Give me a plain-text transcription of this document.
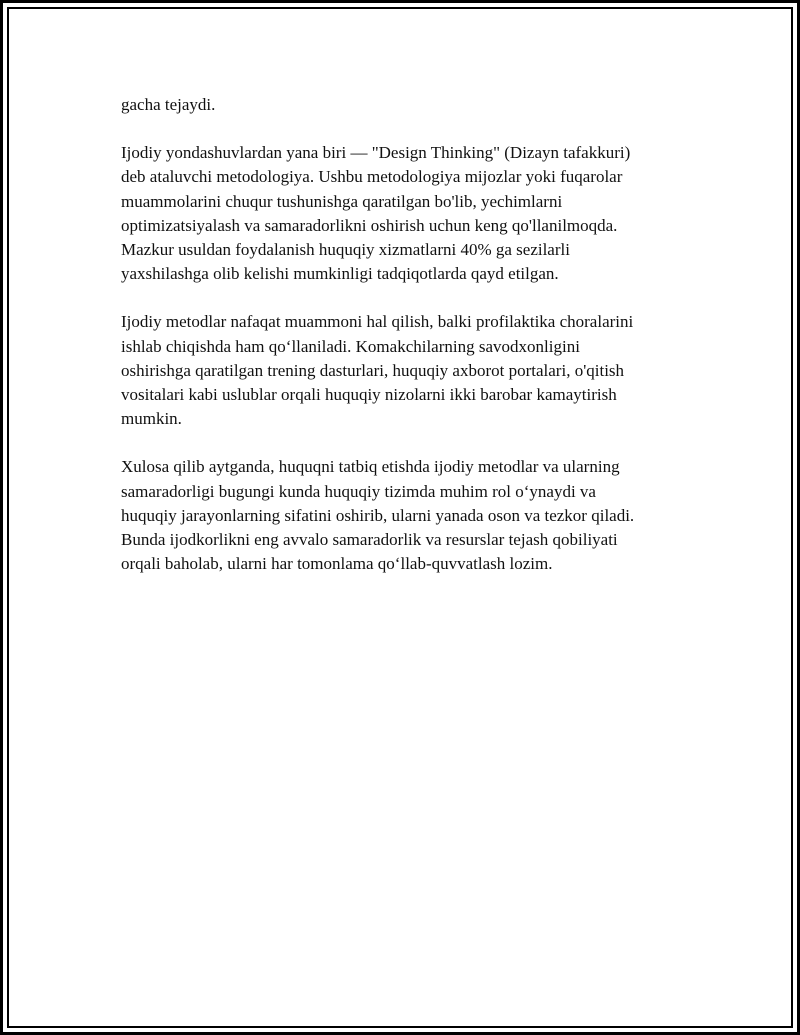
gacha tejaydi.

Ijodiy yondashuvlardan yana biri — "Design Thinking" (Dizayn tafakkuri)
deb ataluvchi metodologiya. Ushbu metodologiya mijozlar yoki fuqarolar
muammolarini chuqur tushunishga qaratilgan bo'lib, yechimlarni
optimizatsiyalash va samaradorlikni oshirish uchun keng qo'llanilmoqda.
Mazkur usuldan foydalanish huquqiy xizmatlarni 40% ga sezilarli
yaxshilashga olib kelishi mumkinligi tadqiqotlarda qayd etilgan.

Ijodiy metodlar nafaqat muammoni hal qilish, balki profilaktika choralarini
ishlab chiqishda ham qo‘llaniladi. Komakchilarning savodxonligini
oshirishga qaratilgan trening dasturlari, huquqiy axborot portalari, o'qitish
vositalari kabi uslublar orqali huquqiy nizolarni ikki barobar kamaytirish
mumkin.

Xulosa qilib aytganda, huquqni tatbiq etishda ijodiy metodlar va ularning
samaradorligi bugungi kunda huquqiy tizimda muhim rol o‘ynaydi va
huquqiy jarayonlarning sifatini oshirib, ularni yanada oson va tezkor qiladi.
Bunda ijodkorlikni eng avvalo samaradorlik va resurslar tejash qobiliyati
orqali baholab, ularni har tomonlama qo‘llab-quvvatlash lozim.
